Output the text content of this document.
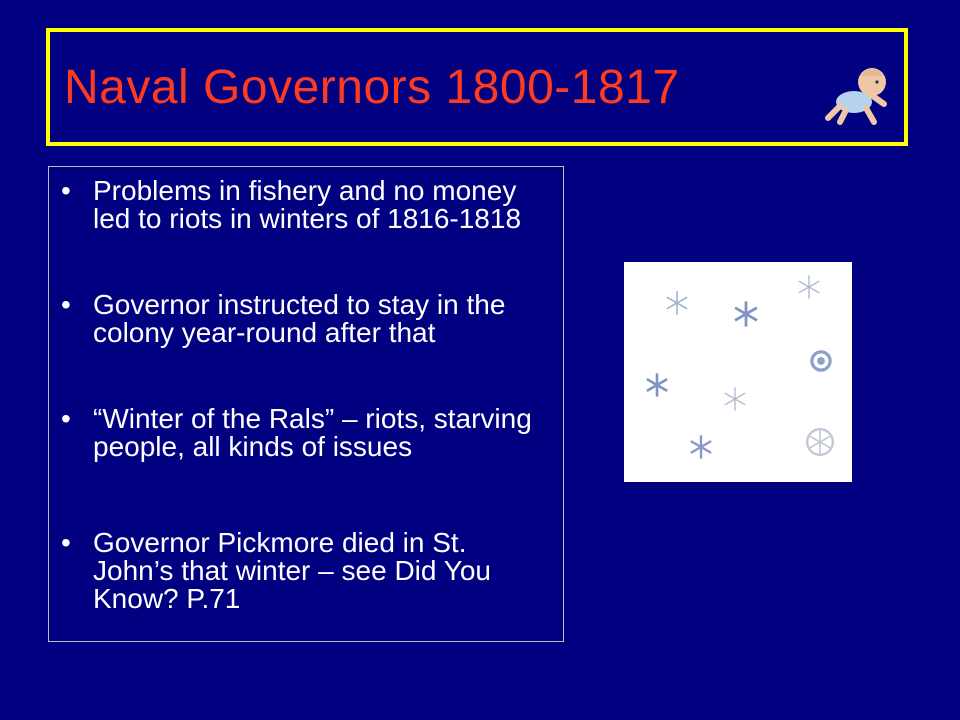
Naval Governors 1800-1817
• Problems in fishery and no money led to riots in winters of 1816-1818
• Governor instructed to stay in the colony year-round after that
• “Winter of the Rals” – riots, starving people, all kinds of issues
• Governor Pickmore died in St. John’s that winter – see Did You Know? P.71
